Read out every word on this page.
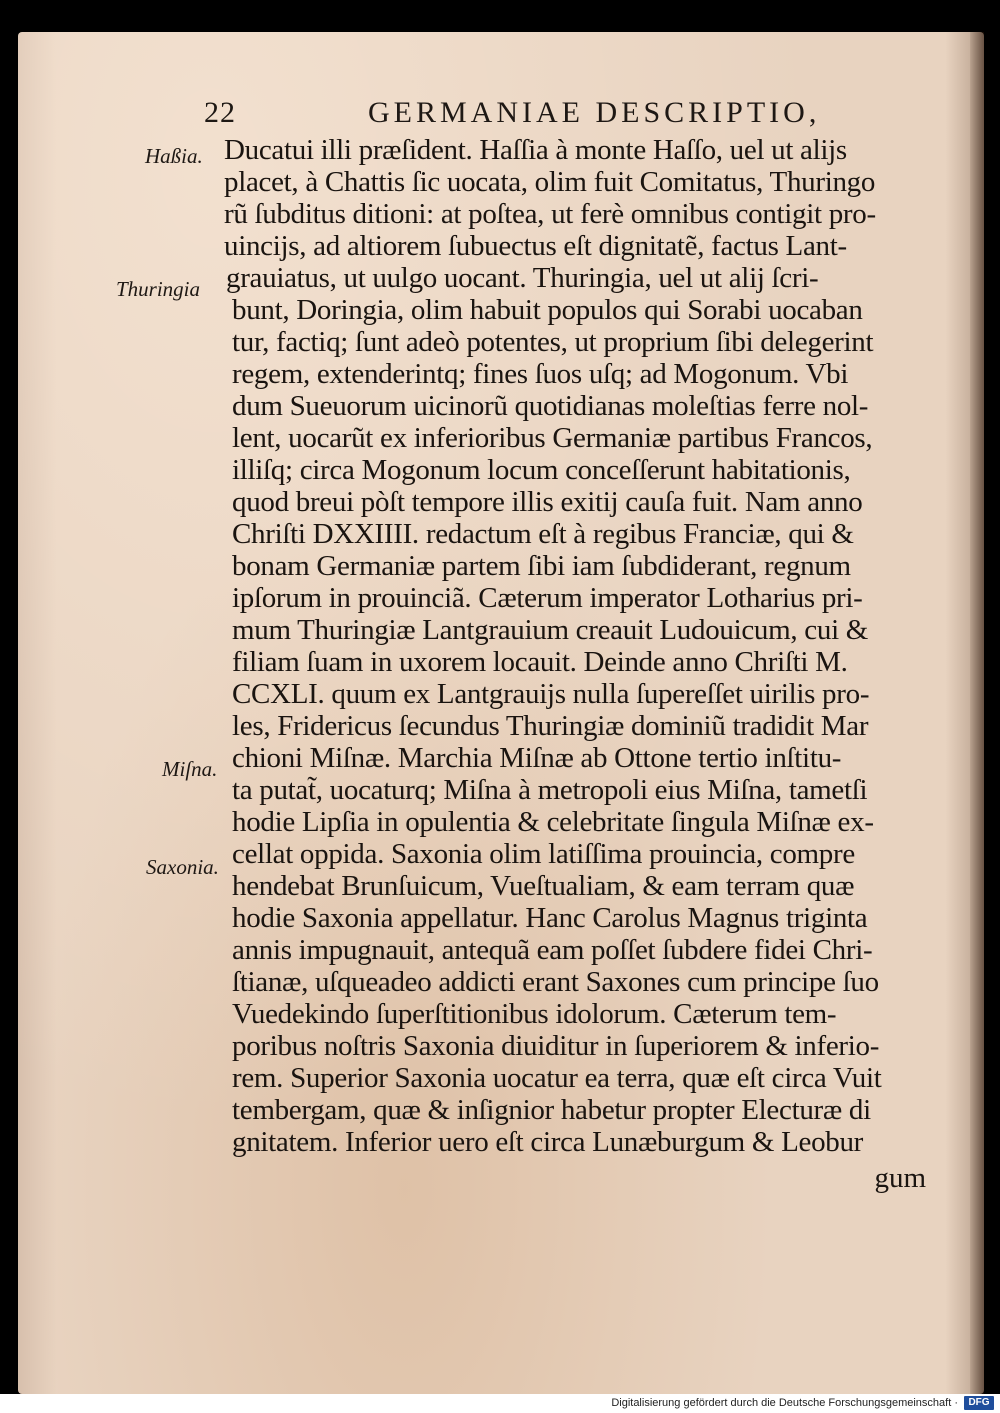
22	GERMANIAE DESCRIPTIO,
Haßia.
Thuringia
Miſna.
Saxonia.
Ducatui illi præſident. Haſſia à monte Haſſo, uel ut alijs
placet, à Chattis ſic uocata, olim fuit Comitatus, Thuringo
rũ ſubditus ditioni: at poſtea, ut ferè omnibus contigit pro-
uincijs, ad altiorem ſubuectus eſt dignitatẽ, factus Lant-
grauiatus, ut uulgo uocant. Thuringia, uel ut alij ſcri-
bunt, Doringia, olim habuit populos qui Sorabi uocaban
tur, factiq; ſunt adeò potentes, ut proprium ſibi delegerint
regem, extenderintq; fines ſuos uſq; ad Mogonum. Vbi
dum Sueuorum uicinorũ quotidianas moleſtias ferre nol-
lent, uocarũt ex inferioribus Germaniæ partibus Francos,
illiſq; circa Mogonum locum conceſſerunt habitationis,
quod breui pòſt tempore illis exitij cauſa fuit. Nam anno
Chriſti DXXIIII. redactum eſt à regibus Franciæ, qui &
bonam Germaniæ partem ſibi iam ſubdiderant, regnum
ipſorum in prouinciã. Cæterum imperator Lotharius pri-
mum Thuringiæ Lantgrauium creauit Ludouicum, cui &
filiam ſuam in uxorem locauit. Deinde anno Chriſti M.
CCXLI. quum ex Lantgrauijs nulla ſupereſſet uirilis pro-
les, Fridericus ſecundus Thuringiæ dominiũ tradidit Mar
chioni Miſnæ. Marchia Miſnæ ab Ottone tertio inſtitu-
ta putat̃, uocaturq; Miſna à metropoli eius Miſna, tametſi
hodie Lipſia in opulentia & celebritate ſingula Miſnæ ex-
cellat oppida. Saxonia olim latiſſima prouincia, compre
hendebat Brunſuicum, Vueſtualiam, & eam terram quæ
hodie Saxonia appellatur. Hanc Carolus Magnus triginta
annis impugnauit, antequã eam poſſet ſubdere fidei Chri-
ſtianæ, uſqueadeo addicti erant Saxones cum principe ſuo
Vuedekindo ſuperſtitionibus idolorum. Cæterum tem-
poribus noſtris Saxonia diuiditur in ſuperiorem & inferio-
rem. Superior Saxonia uocatur ea terra, quæ eſt circa Vuit
tembergam, quæ & inſignior habetur propter Electuræ di
gnitatem. Inferior uero eſt circa Lunæburgum & Leobur
gum
Digitalisierung gefördert durch die Deutsche Forschungsgemeinschaft ·	DFG
